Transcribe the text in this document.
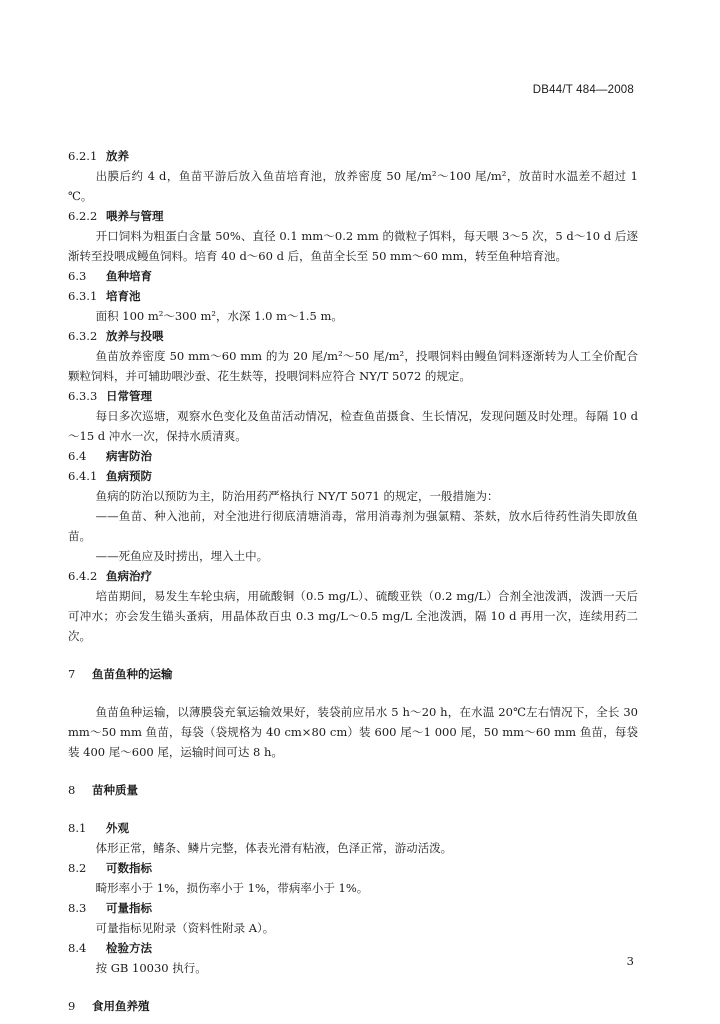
DB44/T 484—2008
6.2.1 放养
出膜后约 4 d，鱼苗平游后放入鱼苗培育池，放养密度 50 尾/m²～100 尾/m²，放苗时水温差不超过 1 ℃。
6.2.2 喂养与管理
开口饲料为粗蛋白含量 50%、直径 0.1 mm～0.2 mm 的微粒子饵料，每天喂 3～5 次，5 d～10 d 后逐渐转至投喂成鳗鱼饲料。培育 40 d～60 d 后，鱼苗全长至 50 mm～60 mm，转至鱼种培育池。
6.3 鱼种培育
6.3.1 培育池
面积 100 m²～300 m²，水深 1.0 m～1.5 m。
6.3.2 放养与投喂
鱼苗放养密度 50 mm～60 mm 的为 20 尾/m²～50 尾/m²，投喂饲料由鳗鱼饲料逐渐转为人工全价配合颗粒饲料，并可辅助喂沙蚕、花生麸等，投喂饲料应符合 NY/T 5072 的规定。
6.3.3 日常管理
每日多次巡塘，观察水色变化及鱼苗活动情况，检查鱼苗摄食、生长情况，发现问题及时处理。每隔 10 d～15 d 冲水一次，保持水质清爽。
6.4 病害防治
6.4.1 鱼病预防
鱼病的防治以预防为主，防治用药严格执行 NY/T 5071 的规定，一般措施为：
——鱼苗、种入池前，对全池进行彻底清塘消毒，常用消毒剂为强氯精、茶麸，放水后待药性消失即放鱼苗。
——死鱼应及时捞出，埋入土中。
6.4.2 鱼病治疗
培苗期间，易发生车轮虫病，用硫酸铜（0.5 mg/L）、硫酸亚铁（0.2 mg/L）合剂全池泼洒，泼洒一天后可冲水；亦会发生锚头蚤病，用晶体敌百虫 0.3 mg/L～0.5 mg/L 全池泼洒，隔 10 d 再用一次，连续用药二次。
7 鱼苗鱼种的运输
鱼苗鱼种运输，以薄膜袋充氧运输效果好，装袋前应吊水 5 h～20 h，在水温 20℃左右情况下，全长 30 mm～50 mm 鱼苗，每袋（袋规格为 40 cm×80 cm）装 600 尾～1 000 尾，50 mm～60 mm 鱼苗，每袋装 400 尾～600 尾，运输时间可达 8 h。
8 苗种质量
8.1 外观
体形正常，鳍条、鳞片完整，体表光滑有粘液，色泽正常，游动活泼。
8.2 可数指标
畸形率小于 1%，损伤率小于 1%，带病率小于 1%。
8.3 可量指标
可量指标见附录（资料性附录 A）。
8.4 检验方法
按 GB 10030 执行。
9 食用鱼养殖
3
